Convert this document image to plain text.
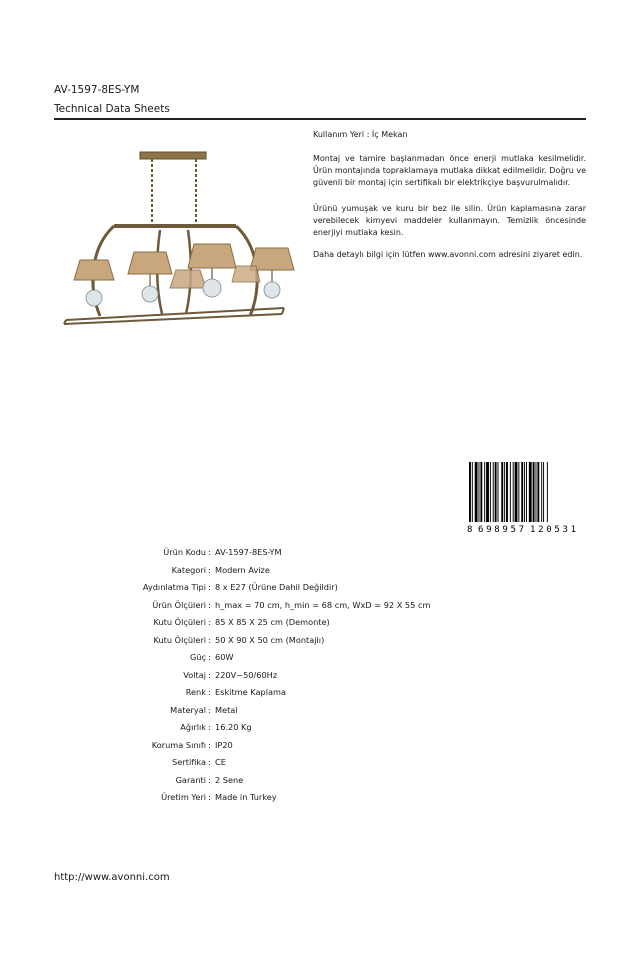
AV-1597-8ES-YM
Technical Data Sheets
Kullanım Yeri : İç Mekan
Montaj ve tamire başlanmadan önce enerji mutlaka kesilmelidir. Ürün montajında topraklamaya mutlaka dikkat edilmelidir. Doğru ve güvenli bir montaj için sertifikalı bir elektrikçiye başvurulmalıdır.
Ürünü yumuşak ve kuru bir bez ile silin. Ürün kaplamasına zarar verebilecek kimyevi maddeler kullanmayın. Temizlik öncesinde enerjiyi mutlaka kesin.
Daha detaylı bilgi için lütfen www.avonni.com adresini ziyaret edin.
8 698957 120531
Ürün Kodu : AV-1597-8ES-YM
Kategori : Modern Avize
Aydınlatma Tipi : 8 x E27 (Ürüne Dahil Değildir)
Ürün Ölçüleri : h_max = 70 cm, h_min = 68 cm, WxD = 92 X 55 cm
Kutu Ölçüleri : 85 X 85 X 25 cm (Demonte)
Kutu Ölçüleri : 50 X 90 X 50 cm (Montajlı)
Güç : 60W
Voltaj : 220V~50/60Hz
Renk : Eskitme Kaplama
Materyal : Metal
Ağırlık : 16.20 Kg
Koruma Sınıfı : IP20
Sertifika : CE
Garanti : 2 Sene
Üretim Yeri : Made in Turkey
http://www.avonni.com
